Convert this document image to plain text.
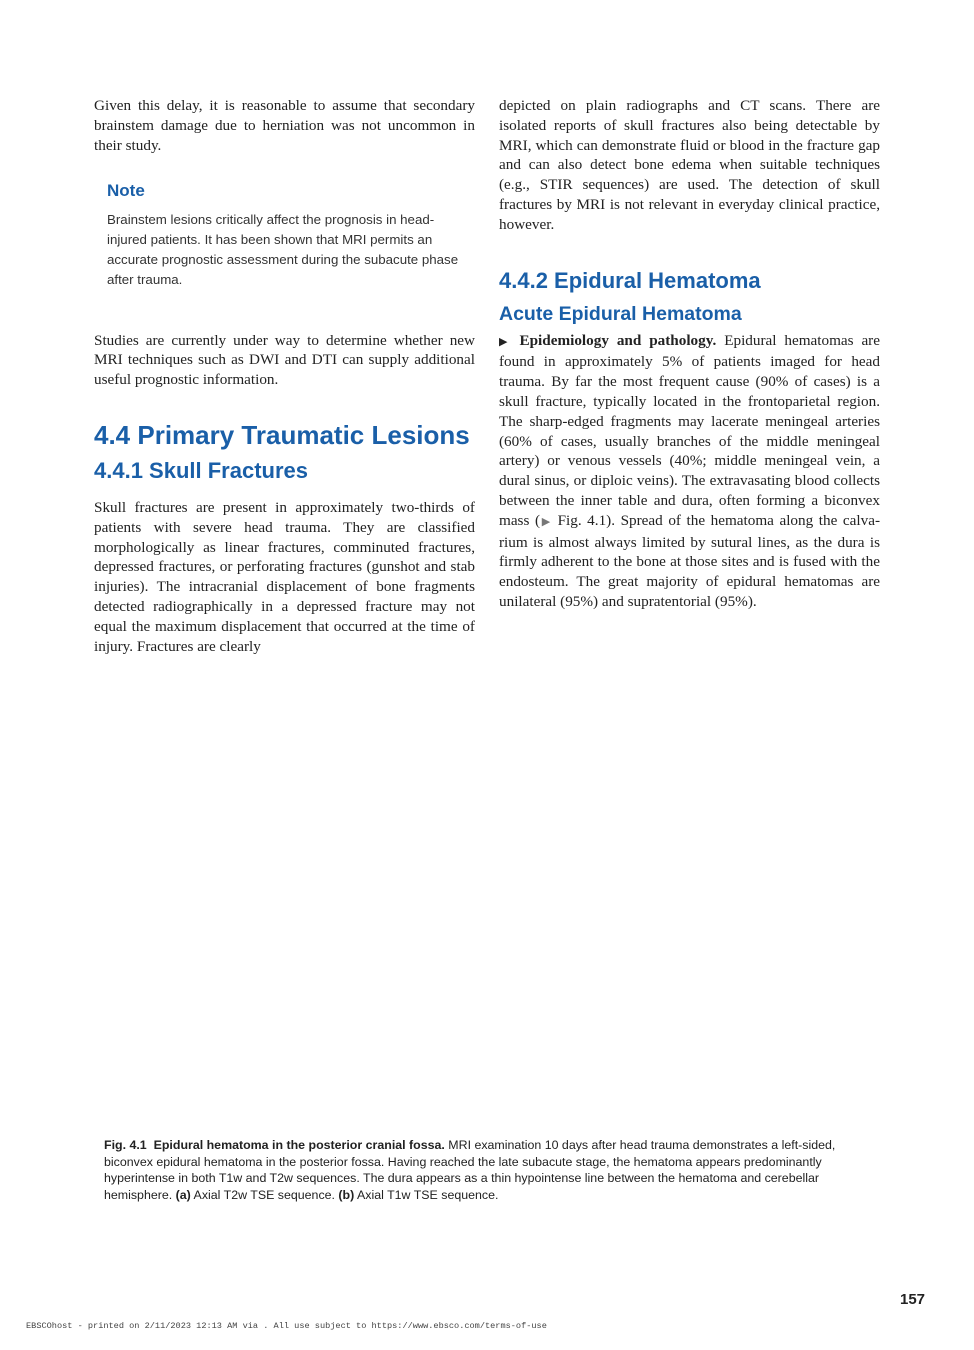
Given this delay, it is reasonable to assume that secondary brainstem damage due to herniation was not uncommon in their study.

Note
Brainstem lesions critically affect the prognosis in head-injured patients. It has been shown that MRI permits an accurate prognostic assessment during the subacute phase after trauma.

Studies are currently under way to determine whether new MRI techniques such as DWI and DTI can supply additional useful prognostic information.

4.4 Primary Traumatic Lesions
4.4.1 Skull Fractures

Skull fractures are present in approximately two-thirds of patients with severe head trauma. They are classified morphologically as linear fractures, comminuted fractures, depressed fractures, or perforating fractures (gunshot and stab injuries). The intracranial displacement of bone fragments detected radiographically in a depressed fracture may not equal the maximum displacement that occurred at the time of injury. Fractures are clearly

depicted on plain radiographs and CT scans. There are isolated reports of skull fractures also being detectable by MRI, which can demonstrate fluid or blood in the fracture gap and can also detect bone edema when suitable techniques (e.g., STIR sequences) are used. The detection of skull fractures by MRI is not relevant in everyday clinical practice, however.

4.4.2 Epidural Hematoma
Acute Epidural Hematoma

▶ Epidemiology and pathology. Epidural hematomas are found in approximately 5% of patients imaged for head trauma. By far the most frequent cause (90% of cases) is a skull fracture, typically located in the frontoparietal region. The sharp-edged fragments may lacerate meningeal arteries (60% of cases, usually branches of the middle meningeal artery) or venous vessels (40%; middle meningeal vein, a dural sinus, or diploic veins). The extravasating blood collects between the inner table and dura, often forming a biconvex mass (▶ Fig. 4.1). Spread of the hematoma along the calvarium is almost always limited by sutural lines, as the dura is firmly adherent to the bone at those sites and is fused with the endosteum. The great majority of epidural hematomas are unilateral (95%) and supratentorial (95%).

Fig. 4.1 Epidural hematoma in the posterior cranial fossa. MRI examination 10 days after head trauma demonstrates a left-sided, biconvex epidural hematoma in the posterior fossa. Having reached the late subacute stage, the hematoma appears predominantly hyperintense in both T1w and T2w sequences. The dura appears as a thin hypointense line between the hematoma and cerebellar hemisphere. (a) Axial T2w TSE sequence. (b) Axial T1w TSE sequence.
157
EBSCOhost - printed on 2/11/2023 12:13 AM via . All use subject to https://www.ebsco.com/terms-of-use
